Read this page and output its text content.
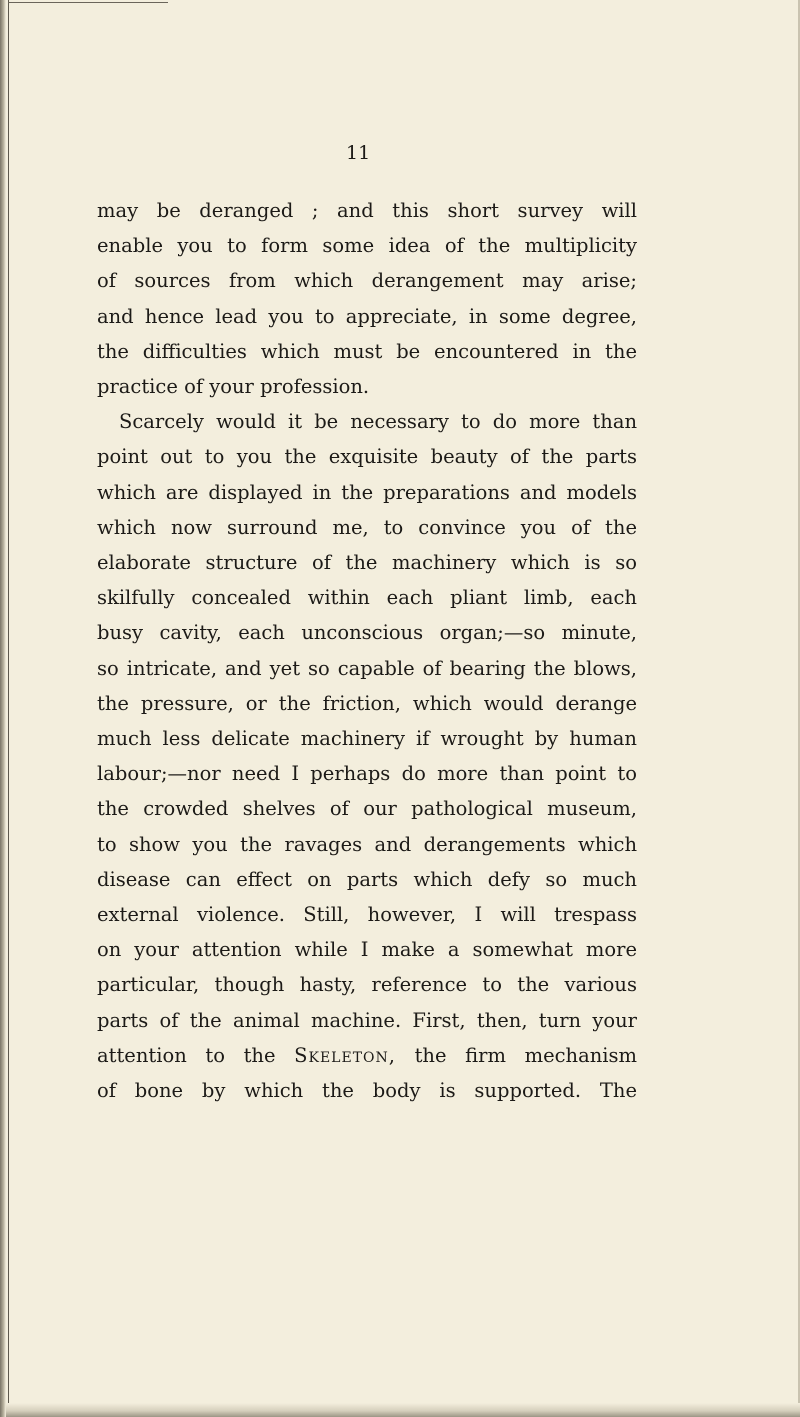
11
may be deranged ; and this short survey will
enable you to form some idea of the multiplicity
of sources from which derangement may arise;
and hence lead you to appreciate, in some degree,
the difficulties which must be encountered in the
practice of your profession.
Scarcely would it be necessary to do more than
point out to you the exquisite beauty of the parts
which are displayed in the preparations and models
which now surround me, to convince you of the
elaborate structure of the machinery which is so
skilfully concealed within each pliant limb, each
busy cavity, each unconscious organ;—so minute,
so intricate, and yet so capable of bearing the blows,
the pressure, or the friction, which would derange
much less delicate machinery if wrought by human
labour;—nor need I perhaps do more than point to
the crowded shelves of our pathological museum,
to show you the ravages and derangements which
disease can effect on parts which defy so much
external violence. Still, however, I will trespass
on your attention while I make a somewhat more
particular, though hasty, reference to the various
parts of the animal machine. First, then, turn your
attention to the Skeleton, the firm mechanism
of bone by which the body is supported. The
